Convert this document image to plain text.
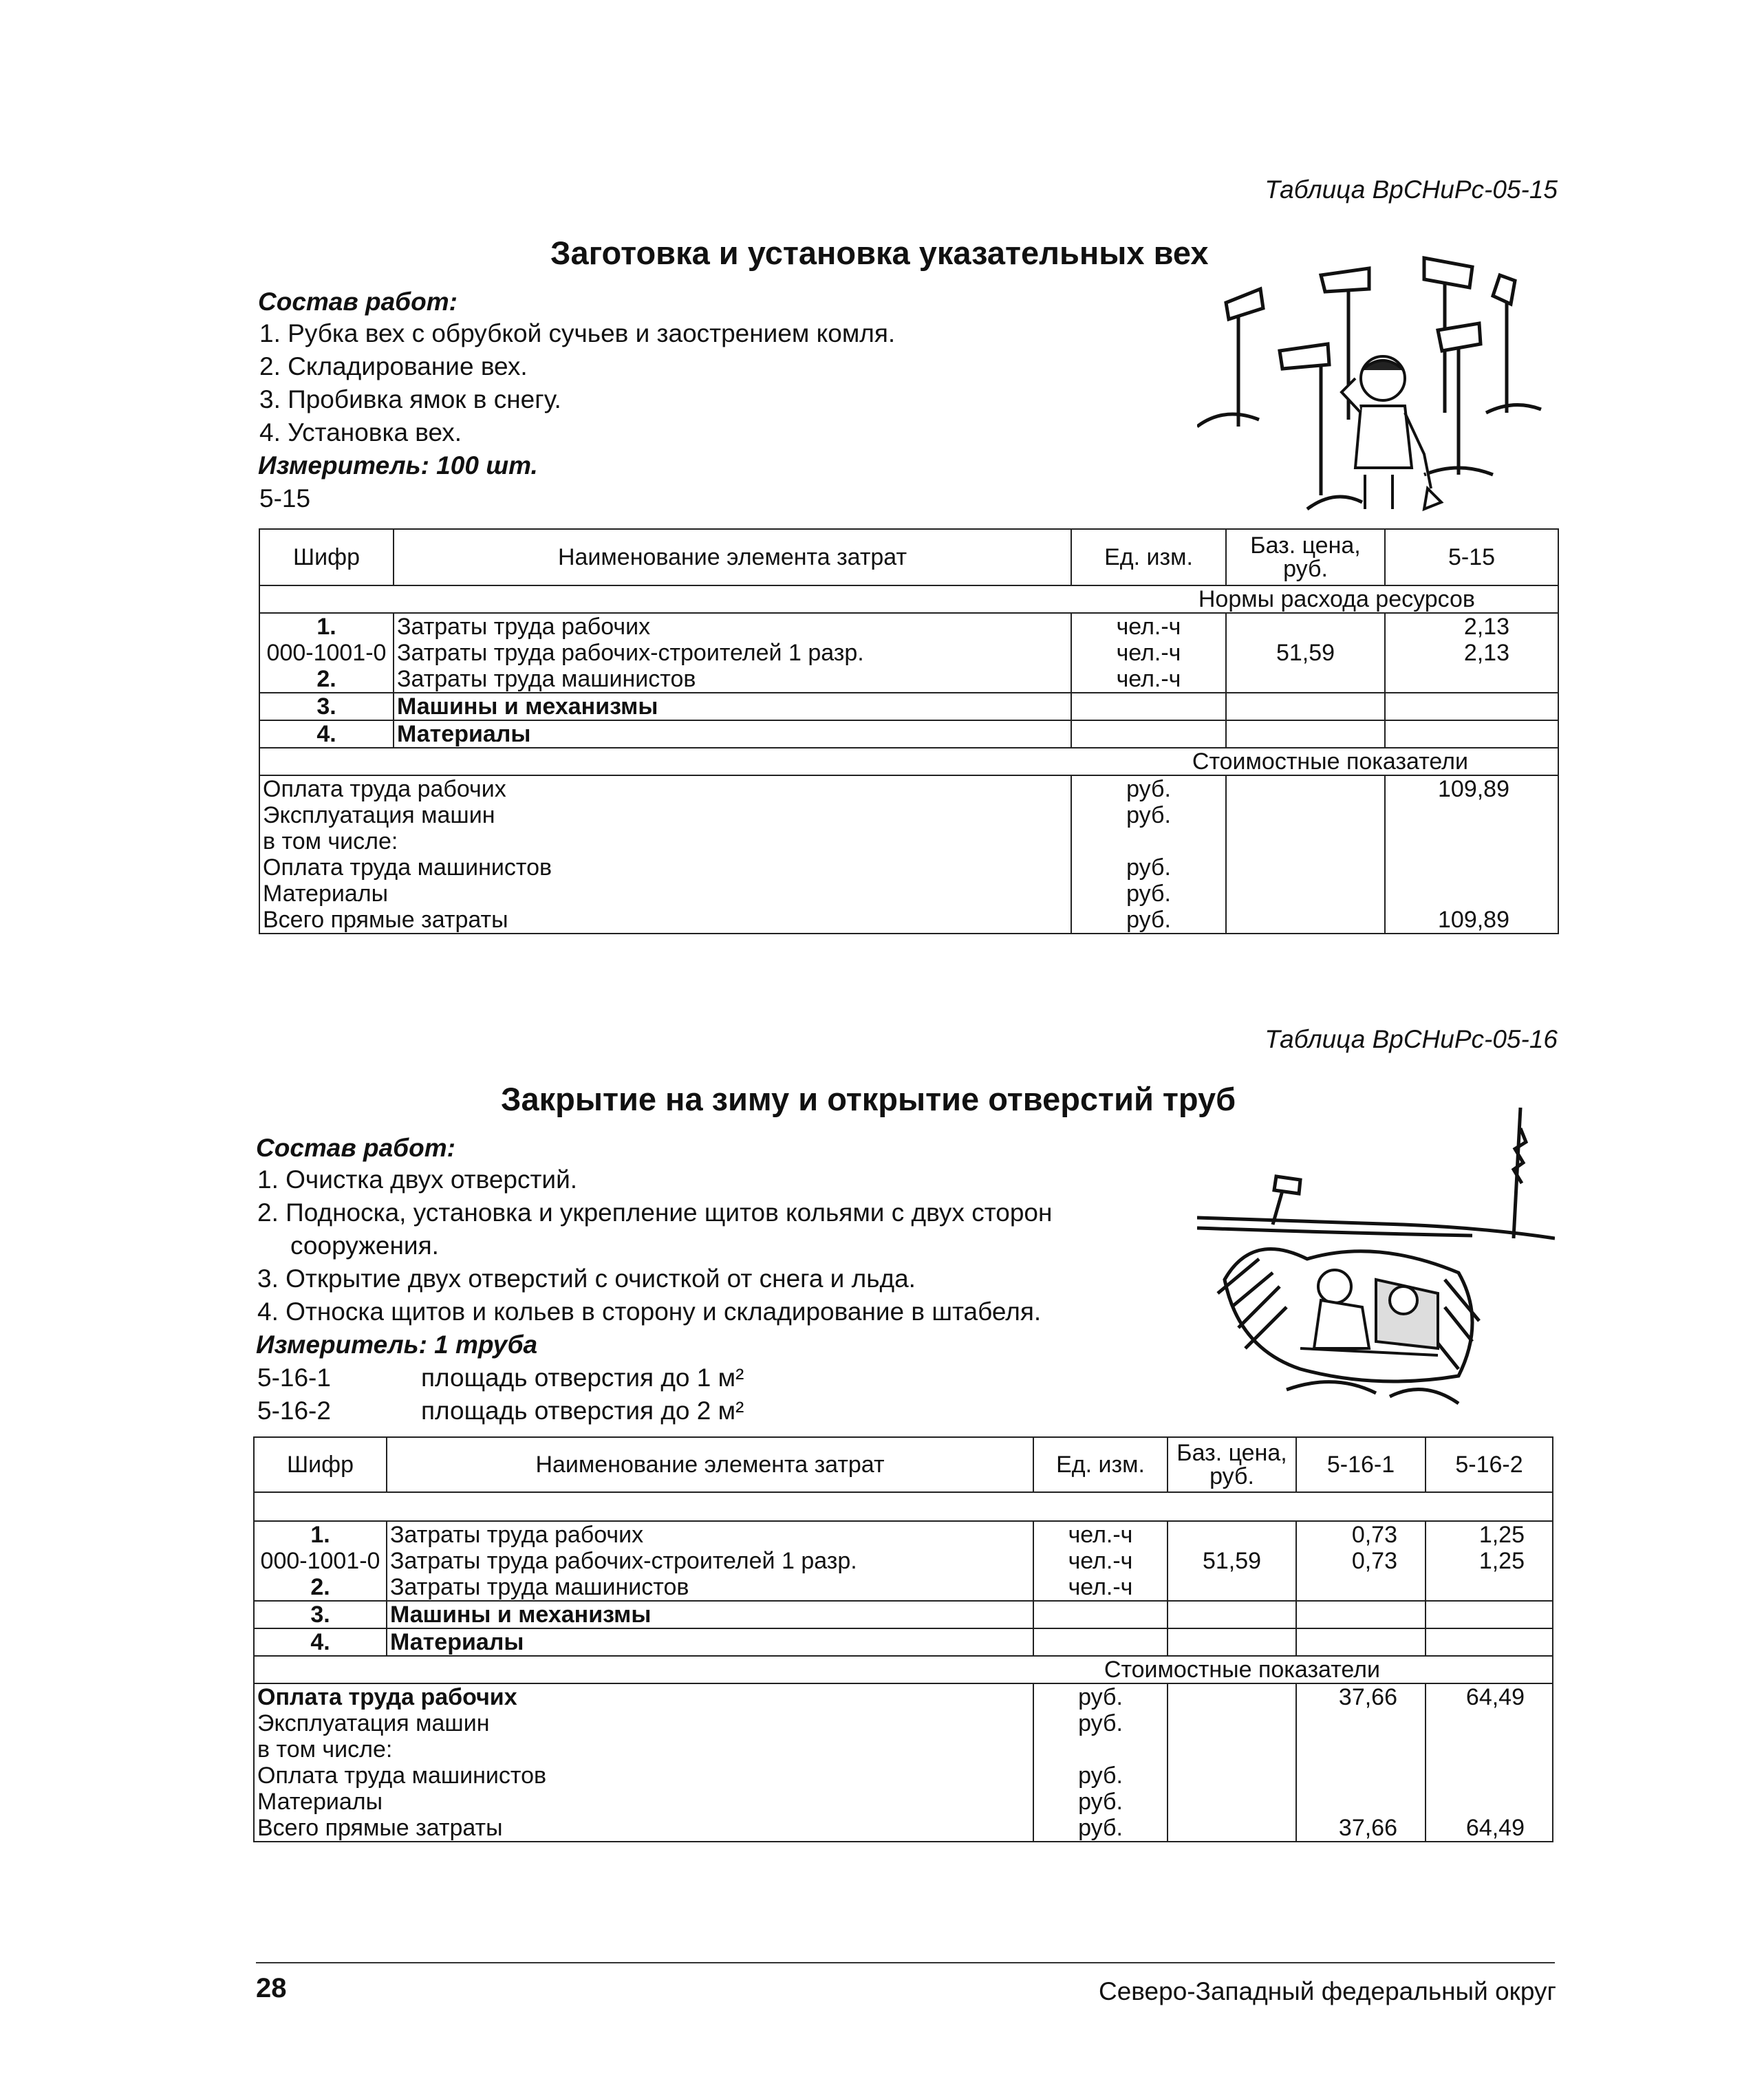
Таблица ВрСНиРс-05-15
Заготовка и установка указательных вех
Состав работ:
1. Рубка вех с обрубкой сучьев и заострением комля.
2. Складирование вех.
3. Пробивка ямок в снегу.
4. Установка вех.
Измеритель: 100 шт.
5-15
Шифр	Наименование элемента затрат	Ед. изм.	Баз. цена, руб.	5-15
Нормы расхода ресурсов				
1.	Затраты труда рабочих	чел.-ч		2,13
000-1001-0	Затраты труда рабочих-строителей 1 разр.	чел.-ч	51,59	2,13
2.	Затраты труда машинистов	чел.-ч		
3.	Машины и механизмы			
4.	Материалы			
Стоимостные показатели				
Оплата труда рабочих		руб.		109,89
Эксплуатация машин		руб.		
в том числе:				
Оплата труда машинистов		руб.		
Материалы		руб.		
Всего прямые затраты		руб.		109,89
Таблица ВрСНиРс-05-16
Закрытие на зиму и открытие отверстий труб
Состав работ:
1. Очистка двух отверстий.
2. Подноска, установка и укрепление щитов кольями с двух сторон
сооружения.
3. Открытие двух отверстий с очисткой от снега и льда.
4. Относка щитов и кольев в сторону и складирование в штабеля.
Измеритель: 1 труба
5-16-1	площадь отверстия до 1 м²
5-16-2	площадь отверстия до 2 м²
Шифр	Наименование элемента затрат	Ед. изм.	Баз. цена, руб.	5-16-1	5-16-2

1.	Затраты труда рабочих	чел.-ч		0,73	1,25
000-1001-0	Затраты труда рабочих-строителей 1 разр.	чел.-ч	51,59	0,73	1,25
2.	Затраты труда машинистов	чел.-ч			
3.	Машины и механизмы				
4.	Материалы				
Стоимостные показатели					
Оплата труда рабочих		руб.		37,66	64,49
Эксплуатация машин		руб.			
в том числе:					
Оплата труда машинистов		руб.			
Материалы		руб.			
Всего прямые затраты		руб.		37,66	64,49
28	Северо-Западный федеральный округ
